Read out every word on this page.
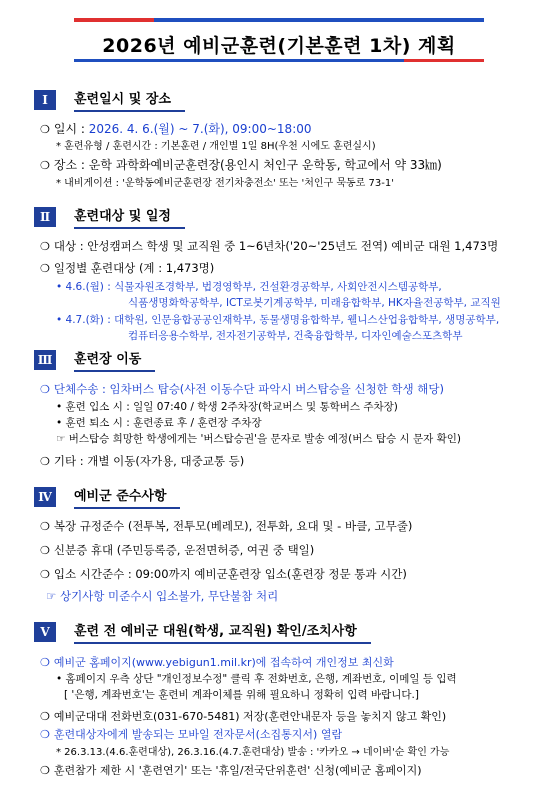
2026년 예비군훈련(기본훈련 1차) 계획
Ⅰ	훈련일시 및 장소
❍ 일시 : 2026. 4. 6.(월) ~ 7.(화), 09:00~18:00
* 훈련유형 / 훈련시간 : 기본훈련 / 개인별 1일 8H(우천 시에도 훈련실시)
❍ 장소 : 운학 과학화예비군훈련장(용인시 처인구 운학동, 학교에서 약 33㎞)
* 내비게이션 : '운학동예비군훈련장 전기차충전소' 또는 '처인구 묵동로 73-1'
Ⅱ	훈련대상 및 일정
❍ 대상 : 안성캠퍼스 학생 및 교직원 중 1~6년차('20~'25년도 전역) 예비군 대원 1,473명
❍ 일정별 훈련대상 (계 : 1,473명)
• 4.6.(월) : 식물자원조경학부, 법경영학부, 건설환경공학부, 사회안전시스템공학부,
식품생명화학공학부, ICT로봇기계공학부, 미래융합학부, HK자율전공학부, 교직원
• 4.7.(화) : 대학원, 인문융합공공인재학부, 동물생명융합학부, 웰니스산업융합학부, 생명공학부,
컴퓨터응용수학부, 전자전기공학부, 건축융합학부, 디자인예술스포츠학부
Ⅲ 훈련장 이동
❍ 단체수송 : 임차버스 탑승(사전 이동수단 파악시 버스탑승을 신청한 학생 해당)
• 훈련 입소 시 : 일일 07:40 / 학생 2주차장(학교버스 및 통학버스 주차장)
• 훈련 퇴소 시 : 훈련종료 후 / 훈련장 주차장
☞ 버스탑승 희망한 학생에게는 '버스탑승권'을 문자로 발송 예정(버스 탑승 시 문자 확인)
❍ 기타 : 개별 이동(자가용, 대중교통 등)
Ⅳ	예비군 준수사항
❍ 복장 규정준수 (전투복, 전투모(베레모), 전투화, 요대 및 - 바클, 고무줄)
❍ 신분증 휴대 (주민등록증, 운전면허증, 여권 중 택일)
❍ 입소 시간준수 : 09:00까지 예비군훈련장 입소(훈련장 정문 통과 시간)
☞ 상기사항 미준수시 입소불가, 무단불참 처리
Ⅴ	훈련 전 예비군 대원(학생, 교직원) 확인/조치사항
❍ 예비군 홈페이지(www.yebigun1.mil.kr)에 접속하여 개인정보 최신화
• 홈페이지 우측 상단 "개인정보수정" 클릭 후 전화번호, 은행, 계좌번호, 이메일 등 입력
[ '은행, 계좌번호'는 훈련비 계좌이체를 위해 필요하니 정확히 입력 바랍니다.]
❍ 예비군대대 전화번호(031-670-5481) 저장(훈련안내문자 등을 놓치지 않고 확인)
❍ 훈련대상자에게 발송되는 모바일 전자문서(소집통지서) 열람
* 26.3.13.(4.6.훈련대상), 26.3.16.(4.7.훈련대상) 발송 : '카카오 → 네이버'순 확인 가능
❍ 훈련참가 제한 시 '훈련연기' 또는 '휴일/전국단위훈련' 신청(예비군 홈페이지)
